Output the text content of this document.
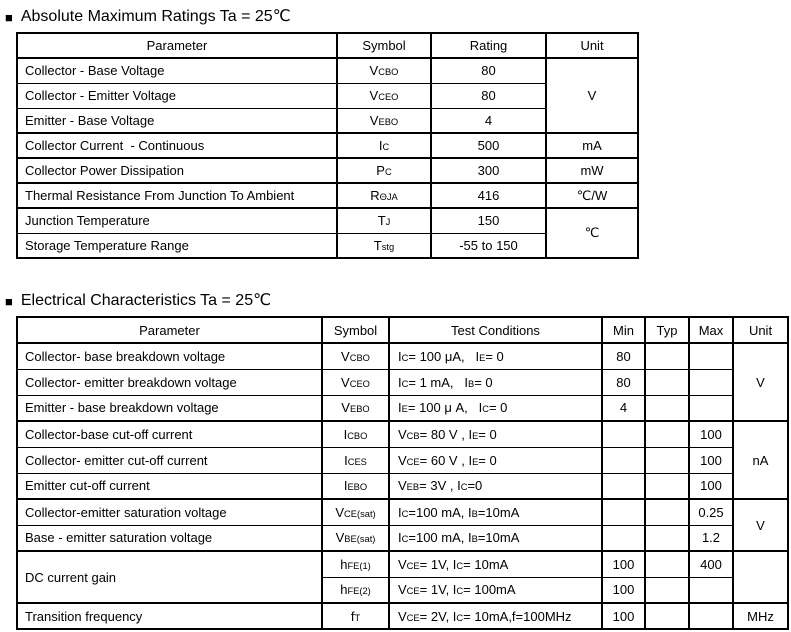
■ Absolute Maximum Ratings Ta = 25℃
Parameter	Symbol	Rating	Unit
Collector - Base Voltage	VCBO	80	V
Collector - Emitter Voltage	VCEO	80	
Emitter - Base Voltage	VEBO	4	
Collector Current  - Continuous	IC	500	mA
Collector Power Dissipation	PC	300	mW
Thermal Resistance From Junction To Ambient	RΘJA	416	℃/W
Junction Temperature	TJ	150	℃
Storage Temperature Range	Tstg	-55 to 150	
■ Electrical Characteristics Ta = 25℃
Parameter	Symbol	Test Conditions	Min	Typ	Max	Unit
Collector- base breakdown voltage	VCBO	IC= 100 μA,   IE= 0	80			V
Collector- emitter breakdown voltage	VCEO	IC= 1 mA,   IB= 0	80			
Emitter - base breakdown voltage	VEBO	IE= 100 μ A,   IC= 0	4			
Collector-base cut-off current	ICBO	VCB= 80 V , IE= 0			100	nA
Collector- emitter cut-off current	ICES	VCE= 60 V , IE= 0			100	
Emitter cut-off current	IEBO	VEB= 3V , IC=0			100	
Collector-emitter saturation voltage	VCE(sat)	IC=100 mA, IB=10mA			0.25	V
Base - emitter saturation voltage	VBE(sat)	IC=100 mA, IB=10mA			1.2	
DC current gain	hFE(1)	VCE= 1V, IC= 10mA	100		400	
	hFE(2)	VCE= 1V, IC= 100mA	100			
Transition frequency	fT	VCE= 2V, IC= 10mA,f=100MHz	100			MHz
